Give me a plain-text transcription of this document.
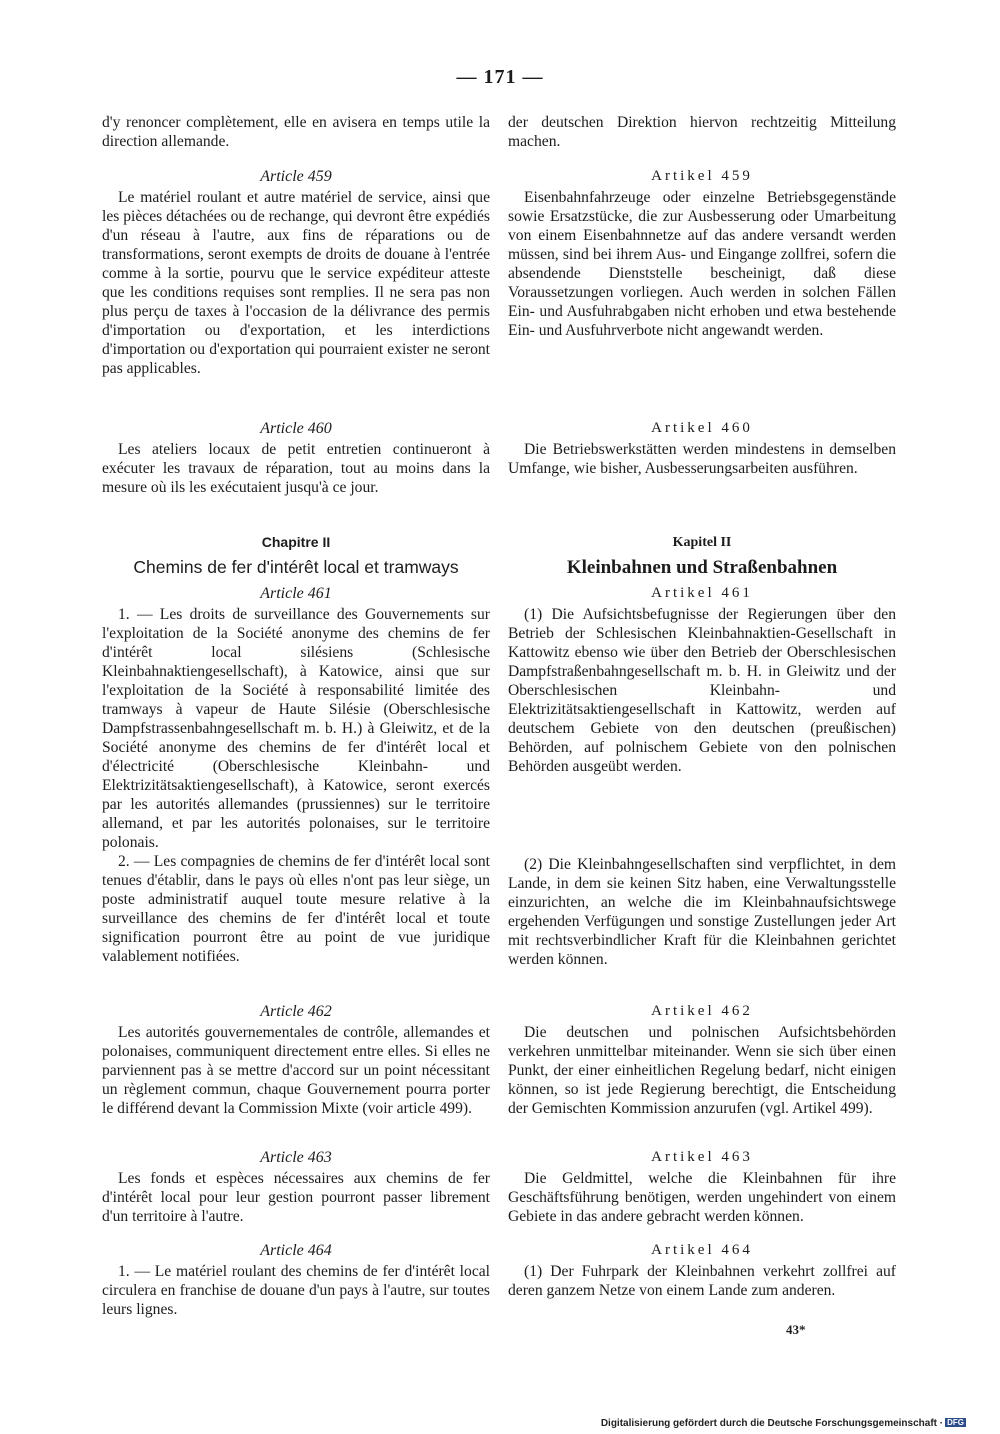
— 171 —

d'y renoncer complètement, elle en avisera en temps utile la direction allemande.

Article 459

Le matériel roulant et autre matériel de service, ainsi que les pièces détachées ou de rechange, qui devront être expédiés d'un réseau à l'autre, aux fins de réparations ou de transformations, seront exempts de droits de douane à l'entrée comme à la sortie, pourvu que le service expéditeur atteste que les conditions requises sont remplies. Il ne sera pas non plus perçu de taxes à l'occasion de la délivrance des permis d'importation ou d'exportation, et les interdictions d'importation ou d'exportation qui pourraient exister ne seront pas applicables.

Article 460

Les ateliers locaux de petit entretien continueront à exécuter les travaux de réparation, tout au moins dans la mesure où ils les exécutaient jusqu'à ce jour.

Chapitre II
Chemins de fer d'intérêt local et tramways
Article 461

1. — Les droits de surveillance des Gouvernements sur l'exploitation de la Société anonyme des chemins de fer d'intérêt local silésiens (Schlesische Kleinbahnaktiengesellschaft), à Katowice, ainsi que sur l'exploitation de la Société à responsabilité limitée des tramways à vapeur de Haute Silésie (Oberschlesische Dampfstrassenbahngesellschaft m. b. H.) à Gleiwitz, et de la Société anonyme des chemins de fer d'intérêt local et d'électricité (Oberschlesische Kleinbahn- und Elektrizitätsaktiengesellschaft), à Katowice, seront exercés par les autorités allemandes (prussiennes) sur le territoire allemand, et par les autorités polonaises, sur le territoire polonais.

2. — Les compagnies de chemins de fer d'intérêt local sont tenues d'établir, dans le pays où elles n'ont pas leur siège, un poste administratif auquel toute mesure relative à la surveillance des chemins de fer d'intérêt local et toute signification pourront être au point de vue juridique valablement notifiées.

Article 462

Les autorités gouvernementales de contrôle, allemandes et polonaises, communiquent directement entre elles. Si elles ne parviennent pas à se mettre d'accord sur un point nécessitant un règlement commun, chaque Gouvernement pourra porter le différend devant la Commission Mixte (voir article 499).

Article 463

Les fonds et espèces nécessaires aux chemins de fer d'intérêt local pour leur gestion pourront passer librement d'un territoire à l'autre.

Article 464

1. — Le matériel roulant des chemins de fer d'intérêt local circulera en franchise de douane d'un pays à l'autre, sur toutes leurs lignes.

der deutschen Direktion hiervon rechtzeitig Mitteilung machen.

Artikel 459

Eisenbahnfahrzeuge oder einzelne Betriebsgegenstände sowie Ersatzstücke, die zur Ausbesserung oder Umarbeitung von einem Eisenbahnnetze auf das andere versandt werden müssen, sind bei ihrem Aus- und Eingange zollfrei, sofern die absendende Dienststelle bescheinigt, daß diese Voraussetzungen vorliegen. Auch werden in solchen Fällen Ein- und Ausfuhrabgaben nicht erhoben und etwa bestehende Ein- und Ausfuhrverbote nicht angewandt werden.

Artikel 460

Die Betriebswerkstätten werden mindestens in demselben Umfange, wie bisher, Ausbesserungsarbeiten ausführen.

Kapitel II
Kleinbahnen und Straßenbahnen
Artikel 461

(1) Die Aufsichtsbefugnisse der Regierungen über den Betrieb der Schlesischen Kleinbahnaktien-Gesellschaft in Kattowitz ebenso wie über den Betrieb der Oberschlesischen Dampfstraßenbahngesellschaft m. b. H. in Gleiwitz und der Oberschlesischen Kleinbahn- und Elektrizitätsaktiengesellschaft in Kattowitz, werden auf deutschem Gebiete von den deutschen (preußischen) Behörden, auf polnischem Gebiete von den polnischen Behörden ausgeübt werden.

(2) Die Kleinbahngesellschaften sind verpflichtet, in dem Lande, in dem sie keinen Sitz haben, eine Verwaltungsstelle einzurichten, an welche die im Kleinbahnaufsichtswege ergehenden Verfügungen und sonstige Zustellungen jeder Art mit rechtsverbindlicher Kraft für die Kleinbahnen gerichtet werden können.

Artikel 462

Die deutschen und polnischen Aufsichtsbehörden verkehren unmittelbar miteinander. Wenn sie sich über einen Punkt, der einer einheitlichen Regelung bedarf, nicht einigen können, so ist jede Regierung berechtigt, die Entscheidung der Gemischten Kommission anzurufen (vgl. Artikel 499).

Artikel 463

Die Geldmittel, welche die Kleinbahnen für ihre Geschäftsführung benötigen, werden ungehindert von einem Gebiete in das andere gebracht werden können.

Artikel 464

(1) Der Fuhrpark der Kleinbahnen verkehrt zollfrei auf deren ganzem Netze von einem Lande zum anderen.

43*
Digitalisierung gefördert durch die Deutsche Forschungsgemeinschaft · DFG
